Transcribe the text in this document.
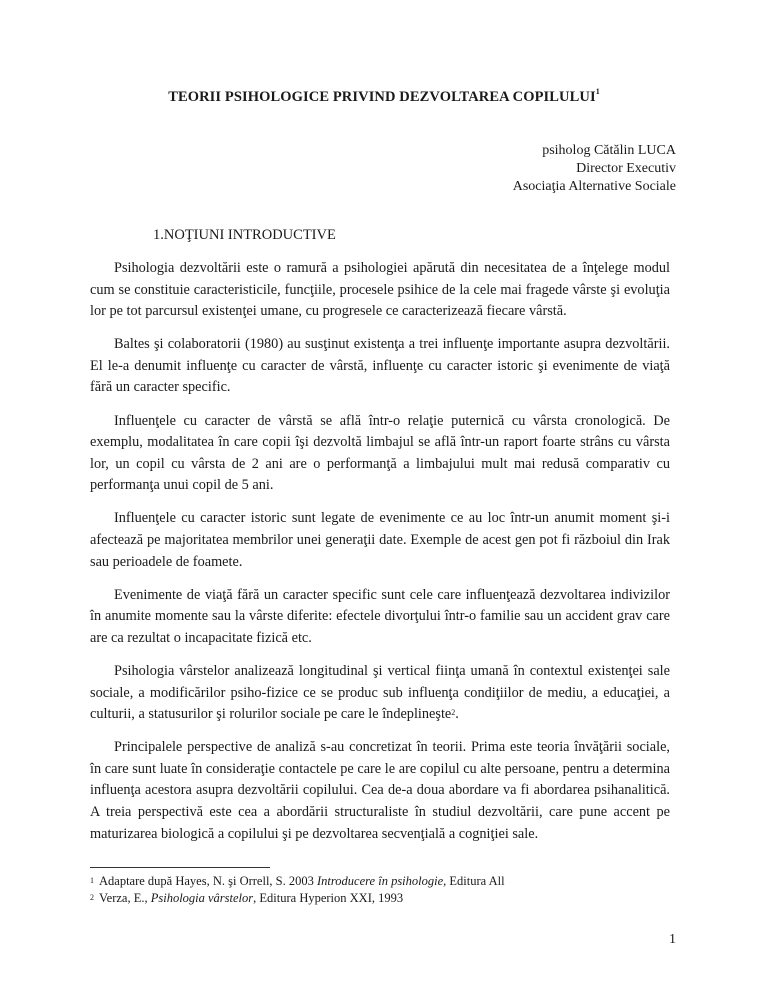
TEORII PSIHOLOGICE PRIVIND DEZVOLTAREA COPILULUI$^1$
psiholog Cătălin LUCA
Director Executiv
Asociaţia Alternative Sociale
1.NOŢIUNI INTRODUCTIVE

Psihologia dezvoltării este o ramură a psihologiei apărută din necesitatea de a înţelege modul cum se constituie caracteristicile, funcţiile, procesele psihice de la cele mai fragede vârste şi evoluţia lor pe tot parcursul existenţei umane, cu progresele ce caracterizează fiecare vârstă.

Baltes şi colaboratorii (1980) au susţinut existenţa a trei influenţe importante asupra dezvoltării. El le-a denumit influenţe cu caracter de vârstă, influenţe cu caracter istoric şi evenimente de viaţă fără un caracter specific.

Influenţele cu caracter de vârstă se află într-o relaţie puternică cu vârsta cronologică. De exemplu, modalitatea în care copii îşi dezvoltă limbajul se află într-un raport foarte strâns cu vârsta lor, un copil cu vârsta de 2 ani are o performanţă a limbajului mult mai redusă comparativ cu performanţa unui copil de 5 ani.

Influenţele cu caracter istoric sunt legate de evenimente ce au loc într-un anumit moment şi-i afectează pe majoritatea membrilor unei generaţii date. Exemple de acest gen pot fi războiul din Irak sau perioadele de foamete.

Evenimente de viaţă fără un caracter specific sunt cele care influenţează dezvoltarea indivizilor în anumite momente sau la vârste diferite: efectele divorţului într-o familie sau un accident grav care are ca rezultat o incapacitate fizică etc.

Psihologia vârstelor analizează longitudinal şi vertical fiinţa umană în contextul existenţei sale sociale, a modificărilor psiho-fizice ce se produc sub influenţa condiţiilor de mediu, a educaţiei, a culturii, a statusurilor şi rolurilor sociale pe care le îndeplineşte$^2$.

Principalele perspective de analiză s-au concretizat în teorii. Prima este teoria învăţării sociale, în care sunt luate în consideraţie contactele pe care le are copilul cu alte persoane, pentru a determina influenţa acestora asupra dezvoltării copilului. Cea de-a doua abordare va fi abordarea psihanalitică. A treia perspectivă este cea a abordării structuraliste în studiul dezvoltării, care pune accent pe maturizarea biologică a copilului şi pe dezvoltarea secvenţială a cogniţiei sale.

$^1$ Adaptare după Hayes, N. şi Orrell, S. 2003 Introducere în psihologie, Editura All
$^2$ Verza, E., Psihologia vârstelor, Editura Hyperion XXI, 1993
1
